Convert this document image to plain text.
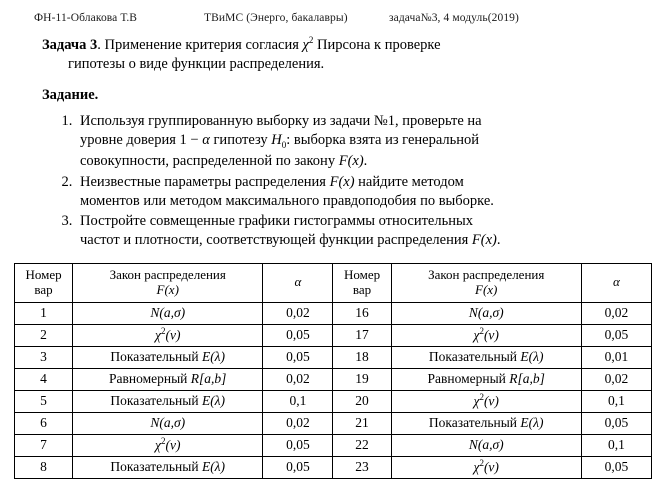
ФН-11-Облакова Т.В	ТВиМС (Энерго, бакалавры)	задача№3, 4 модуль(2019)
Задача 3. Применение критерия согласия $\chi^2$ Пирсона к проверке
гипотезы о виде функции распределения.
Задание.
1. Используя группированную выборку из задачи №1, проверьте на
уровне доверия 1 − α гипотезу $H_0$: выборка взята из генеральной
совокупности, распределенной по закону F(x).
2. Неизвестные параметры распределения F(x) найдите методом
моментов или методом максимального правдоподобия по выборке.
3. Постройте совмещенные графики гистограммы относительных
частот и плотности, соответствующей функции распределения F(x).
Номер
вар	Закон распределения
F(x)	α	Номер
вар	Закон распределения
F(x)	α
1	N(a,σ)	0,02	16	N(a,σ)	0,02
2	$\chi^2(\nu)$	0,05	17	$\chi^2(\nu)$	0,05
3	Показательный E(λ)	0,05	18	Показательный E(λ)	0,01
4	Равномерный R[a,b]	0,02	19	Равномерный R[a,b]	0,02
5	Показательный E(λ)	0,1	20	$\chi^2(\nu)$	0,1
6	N(a,σ)	0,02	21	Показательный E(λ)	0,05
7	$\chi^2(\nu)$	0,05	22	N(a,σ)	0,1
8	Показательный E(λ)	0,05	23	$\chi^2(\nu)$	0,05
